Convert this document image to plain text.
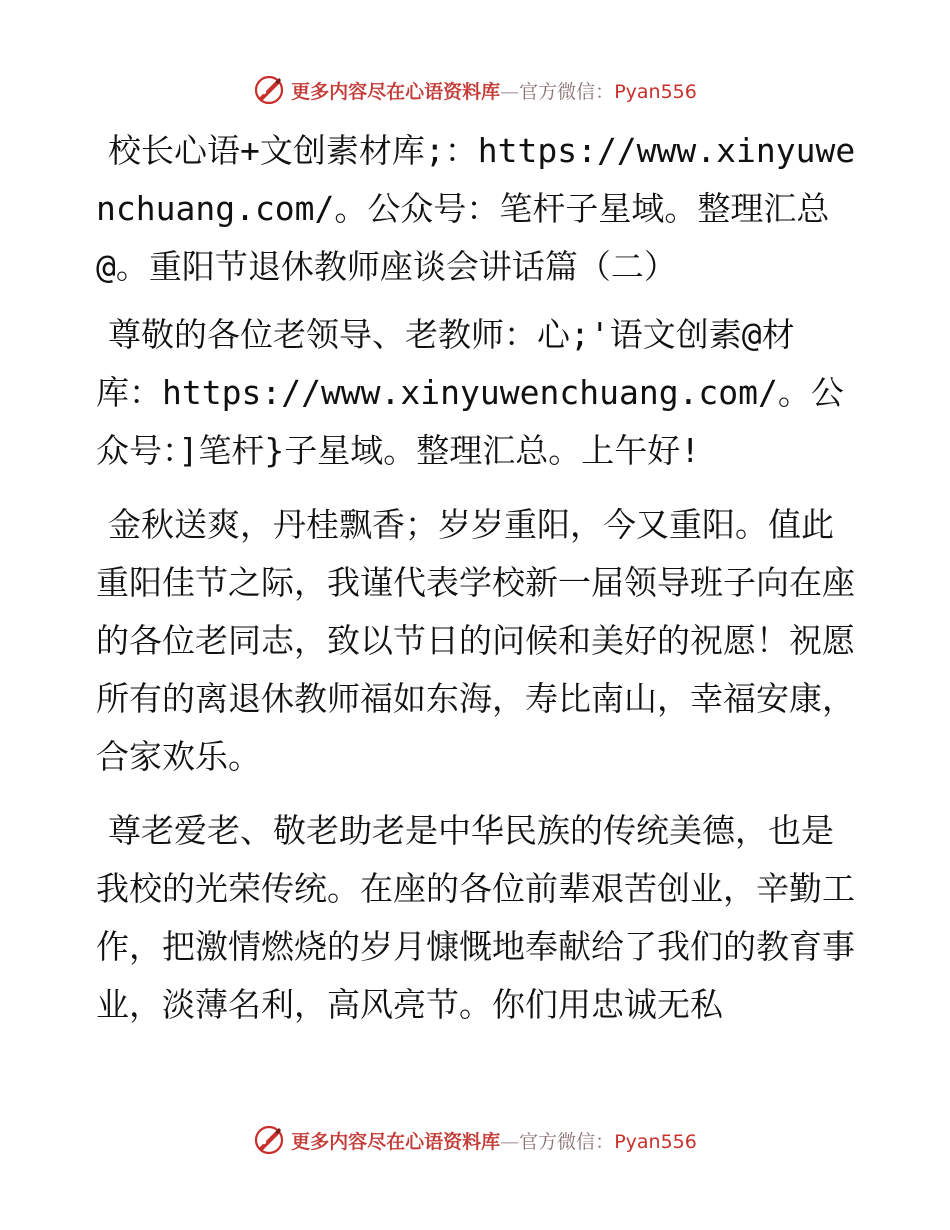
更多内容尽在心语资料库—官方微信：Pyan556

校长心语+文创素材库;：https://www.xinyuwenchuang.com/。公众号：笔杆子星域。整理汇总@。重阳节退休教师座谈会讲话篇（二）

尊敬的各位老领导、老教师：心;'语文创素@材库：https://www.xinyuwenchuang.com/。公众号：]笔杆}子星域。整理汇总。上午好!

金秋送爽，丹桂飘香；岁岁重阳，今又重阳。值此重阳佳节之际，我谨代表学校新一届领导班子向在座的各位老同志，致以节日的问候和美好的祝愿！祝愿所有的离退休教师福如东海，寿比南山，幸福安康，合家欢乐。

尊老爱老、敬老助老是中华民族的传统美德，也是我校的光荣传统。在座的各位前辈艰苦创业，辛勤工作，把激情燃烧的岁月慷慨地奉献给了我们的教育事业，淡薄名利，高风亮节。你们用忠诚无私

更多内容尽在心语资料库—官方微信：Pyan556
